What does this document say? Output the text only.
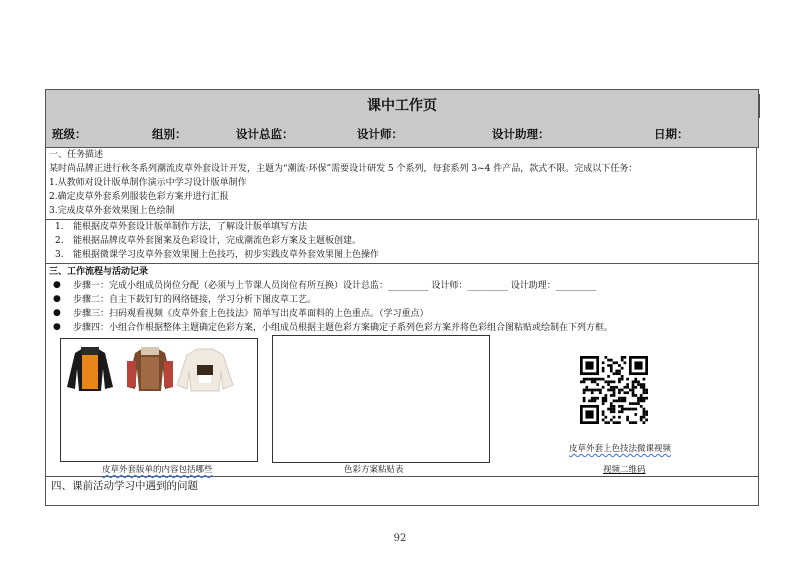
课中工作页
班级：	组别：	设计总监：	设计师：	设计助理：	日期：
一、任务描述
某时尚品牌正进行秋冬系列潮流皮草外套设计开发，主题为“潮流·环保”需要设计研发 5 个系列，每套系列 3~4 件产品，款式不限。完成以下任务：
1.从教师对设计版单制作演示中学习设计版单制作
2.确定皮草外套系列服装色彩方案并进行汇报
3.完成皮草外套效果图上色绘制
1. 能根据皮草外套设计版单制作方法，了解设计版单填写方法
2. 能根据品牌皮草外套图案及色彩设计，完成潮流色彩方案及主题板创建。
3. 能根据微课学习皮草外套效果图上色技巧，初步实践皮草外套效果图上色操作
三、工作流程与活动记录
● 步骤一：完成小组成员岗位分配（必须与上节课人员岗位有所互换）设计总监：_________ 设计师：_________ 设计助理：_________
● 步骤二：自主下载钉钉的网络链接，学习分析下图皮草工艺。
● 步骤三：扫码观看视频《皮草外套上色技法》简单写出皮革面料的上色重点。（学习重点）
● 步骤四：小组合作根据整体主题确定色彩方案，小组成员根据主题色彩方案确定子系列色彩方案并将色彩组合图粘贴或绘制在下列方框。
皮草外套版单的内容包括哪些	色彩方案粘贴表
皮草外套上色技法微课视频
视频二维码
四、课前活动学习中遇到的问题
92
